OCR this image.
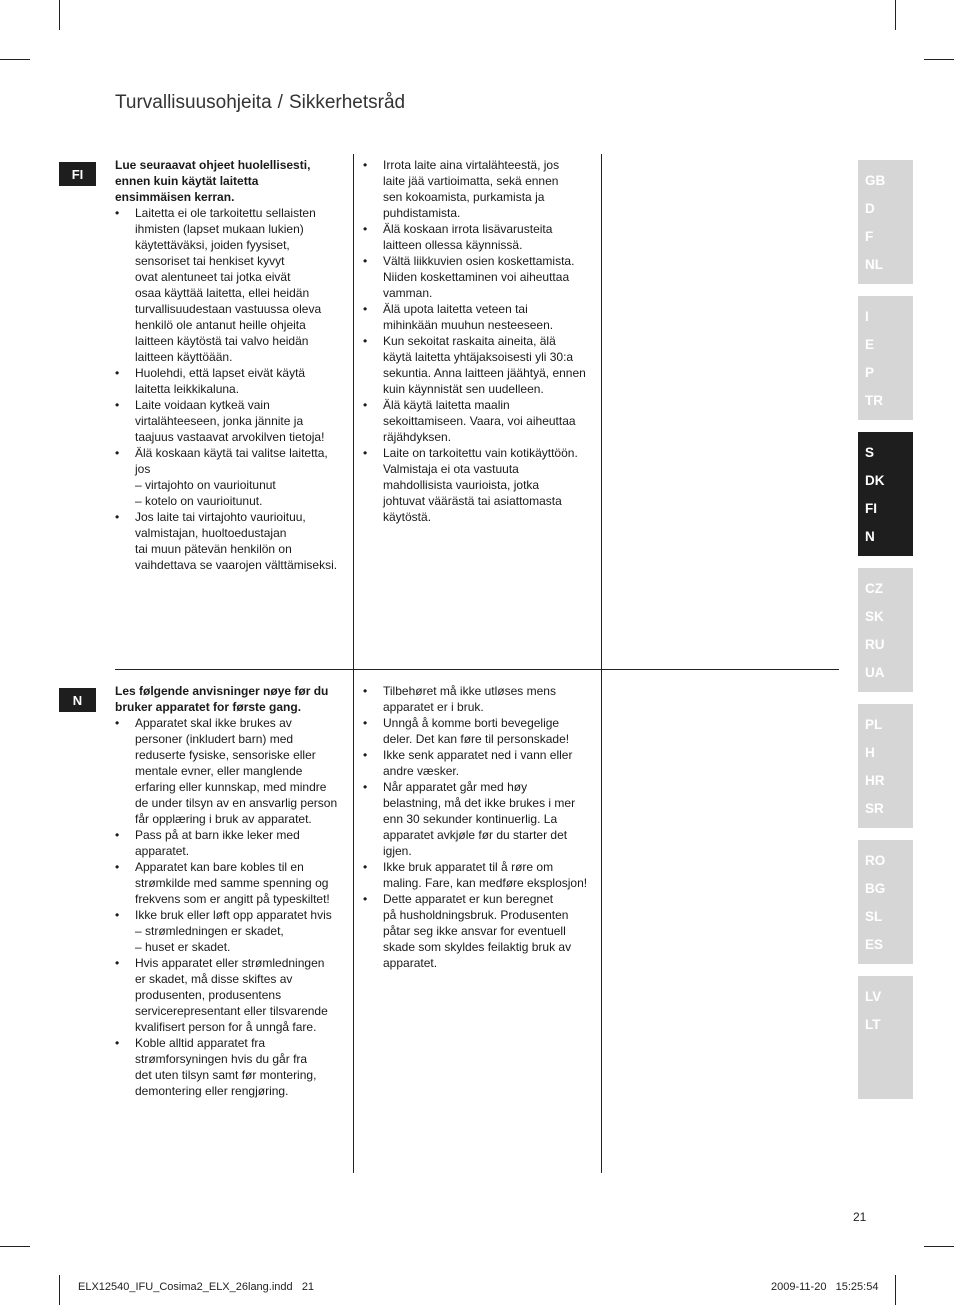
Turvallisuusohjeita / Sikkerhetsråd
FI
N

Lue seuraavat ohjeet huolellisesti,
ennen kuin käytät laitetta
ensimmäisen kerran.

• Laitetta ei ole tarkoitettu sellaisten
ihmisten (lapset mukaan lukien)
käytettäväksi, joiden fyysiset,
sensoriset tai henkiset kyvyt
ovat alentuneet tai jotka eivät
osaa käyttää laitetta, ellei heidän
turvallisuudestaan vastuussa oleva
henkilö ole antanut heille ohjeita
laitteen käytöstä tai valvo heidän
laitteen käyttöään.
• Huolehdi, että lapset eivät käytä
laitetta leikkikaluna.
• Laite voidaan kytkeä vain
virtalähteeseen, jonka jännite ja
taajuus vastaavat arvokilven tietoja!
• Älä koskaan käytä tai valitse laitetta,
jos
– virtajohto on vaurioitunut
– kotelo on vaurioitunut.
• Jos laite tai virtajohto vaurioituu,
valmistajan, huoltoedustajan
tai muun pätevän henkilön on
vaihdettava se vaarojen välttämiseksi.
• Irrota laite aina virtalähteestä, jos
laite jää vartioimatta, sekä ennen
sen kokoamista, purkamista ja
puhdistamista.
• Älä koskaan irrota lisävarusteita
laitteen ollessa käynnissä.
• Vältä liikkuvien osien koskettamista.
Niiden koskettaminen voi aiheuttaa
vamman.
• Älä upota laitetta veteen tai
mihinkään muuhun nesteeseen.
• Kun sekoitat raskaita aineita, älä
käytä laitetta yhtäjaksoisesti yli 30:a
sekuntia. Anna laitteen jäähtyä, ennen
kuin käynnistät sen uudelleen.
• Älä käytä laitetta maalin
sekoittamiseen. Vaara, voi aiheuttaa
räjähdyksen.
• Laite on tarkoitettu vain kotikäyttöön.
Valmistaja ei ota vastuuta
mahdollisista vaurioista, jotka
johtuvat väärästä tai asiattomasta
käytöstä.

Les følgende anvisninger nøye før du
bruker apparatet for første gang.

• Apparatet skal ikke brukes av
personer (inkludert barn) med
reduserte fysiske, sensoriske eller
mentale evner, eller manglende
erfaring eller kunnskap, med mindre
de under tilsyn av en ansvarlig person
får opplæring i bruk av apparatet.
• Pass på at barn ikke leker med
apparatet.
• Apparatet kan bare kobles til en
strømkilde med samme spenning og
frekvens som er angitt på typeskiltet!
• Ikke bruk eller løft opp apparatet hvis
– strømledningen er skadet,
– huset er skadet.
• Hvis apparatet eller strømledningen
er skadet, må disse skiftes av
produsenten, produsentens
servicerepresentant eller tilsvarende
kvalifisert person for å unngå fare.
• Koble alltid apparatet fra
strømforsyningen hvis du går fra
det uten tilsyn samt før montering,
demontering eller rengjøring.
• Tilbehøret må ikke utløses mens
apparatet er i bruk.
• Unngå å komme borti bevegelige
deler. Det kan føre til personskade!
• Ikke senk apparatet ned i vann eller
andre væsker.
• Når apparatet går med høy
belastning, må det ikke brukes i mer
enn 30 sekunder kontinuerlig. La
apparatet avkjøle før du starter det
igjen.
• Ikke bruk apparatet til å røre om
maling. Fare, kan medføre eksplosjon!
• Dette apparatet er kun beregnet
på husholdningsbruk. Produsenten
påtar seg ikke ansvar for eventuell
skade som skyldes feilaktig bruk av
apparatet.
GB
D
F
NL
I
E
P
TR
S
DK
FI
N
CZ
SK
RU
UA
PL
H
HR
SR
RO
BG
SL
ES
LV
LT
21
ELX12540_IFU_Cosima2_ELX_26lang.indd   21	2009-11-20   15:25:54
